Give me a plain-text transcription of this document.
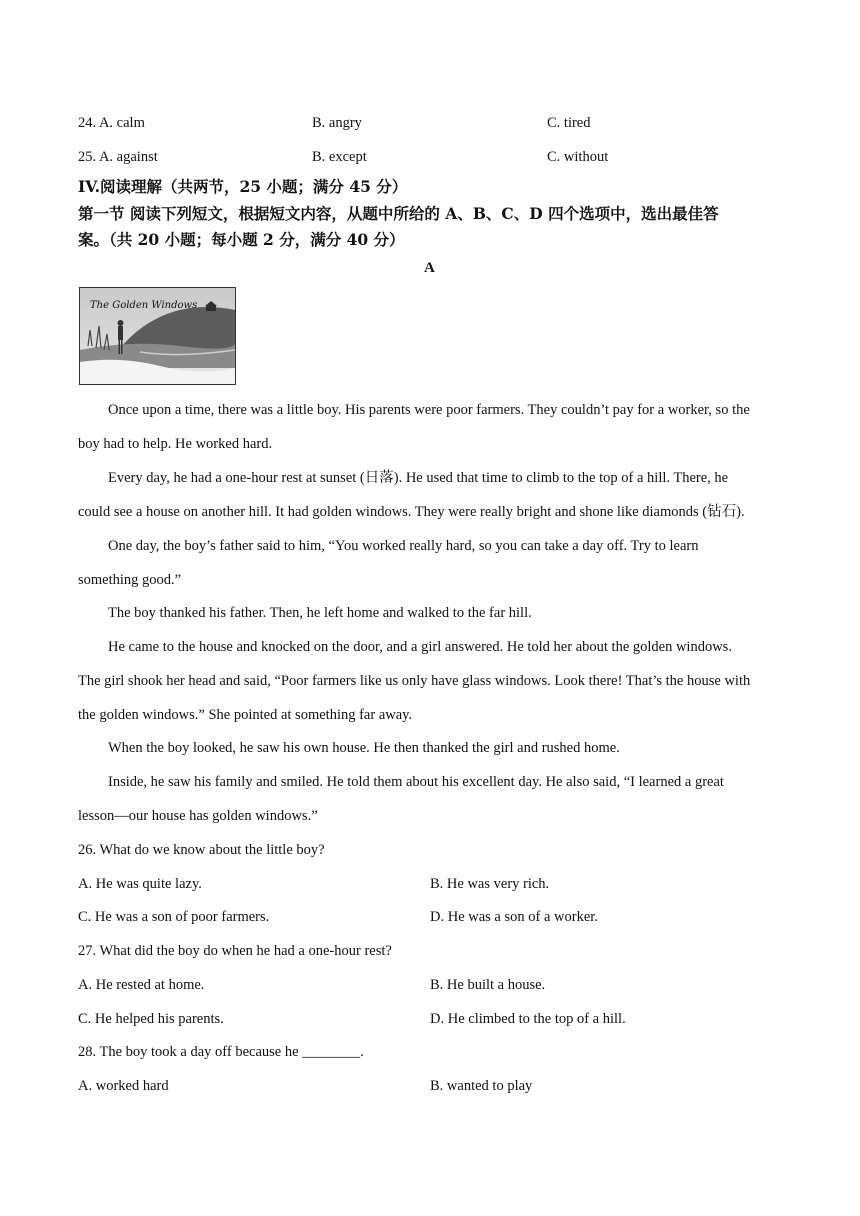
24. A. calm	B. angry	C. tired
25. A. against	B. except	C. without
IV.阅读理解（共两节，25 小题；满分 45 分）
第一节 阅读下列短文，根据短文内容，从题中所给的 A、B、C、D 四个选项中，选出最佳答
案。（共 20 小题；每小题 2 分，满分 40 分）
A
The Golden Windows
Once upon a time, there was a little boy. His parents were poor farmers. They couldn’t pay for a worker, so the
boy had to help. He worked hard.
Every day, he had a one-hour rest at sunset (日落). He used that time to climb to the top of a hill. There, he
could see a house on another hill. It had golden windows. They were really bright and shone like diamonds (钻石).
One day, the boy’s father said to him, “You worked really hard, so you can take a day off. Try to learn
something good.”
The boy thanked his father. Then, he left home and walked to the far hill.
He came to the house and knocked on the door, and a girl answered. He told her about the golden windows.
The girl shook her head and said, “Poor farmers like us only have glass windows. Look there! That’s the house with
the golden windows.” She pointed at something far away.
When the boy looked, he saw his own house. He then thanked the girl and rushed home.
Inside, he saw his family and smiled. He told them about his excellent day. He also said, “I learned a great
lesson—our house has golden windows.”
26. What do we know about the little boy?
A. He was quite lazy.	B. He was very rich.
C. He was a son of poor farmers.	D. He was a son of a worker.
27. What did the boy do when he had a one-hour rest?
A. He rested at home.	B. He built a house.
C. He helped his parents.	D. He climbed to the top of a hill.
28. The boy took a day off because he ________.
A. worked hard	B. wanted to play
